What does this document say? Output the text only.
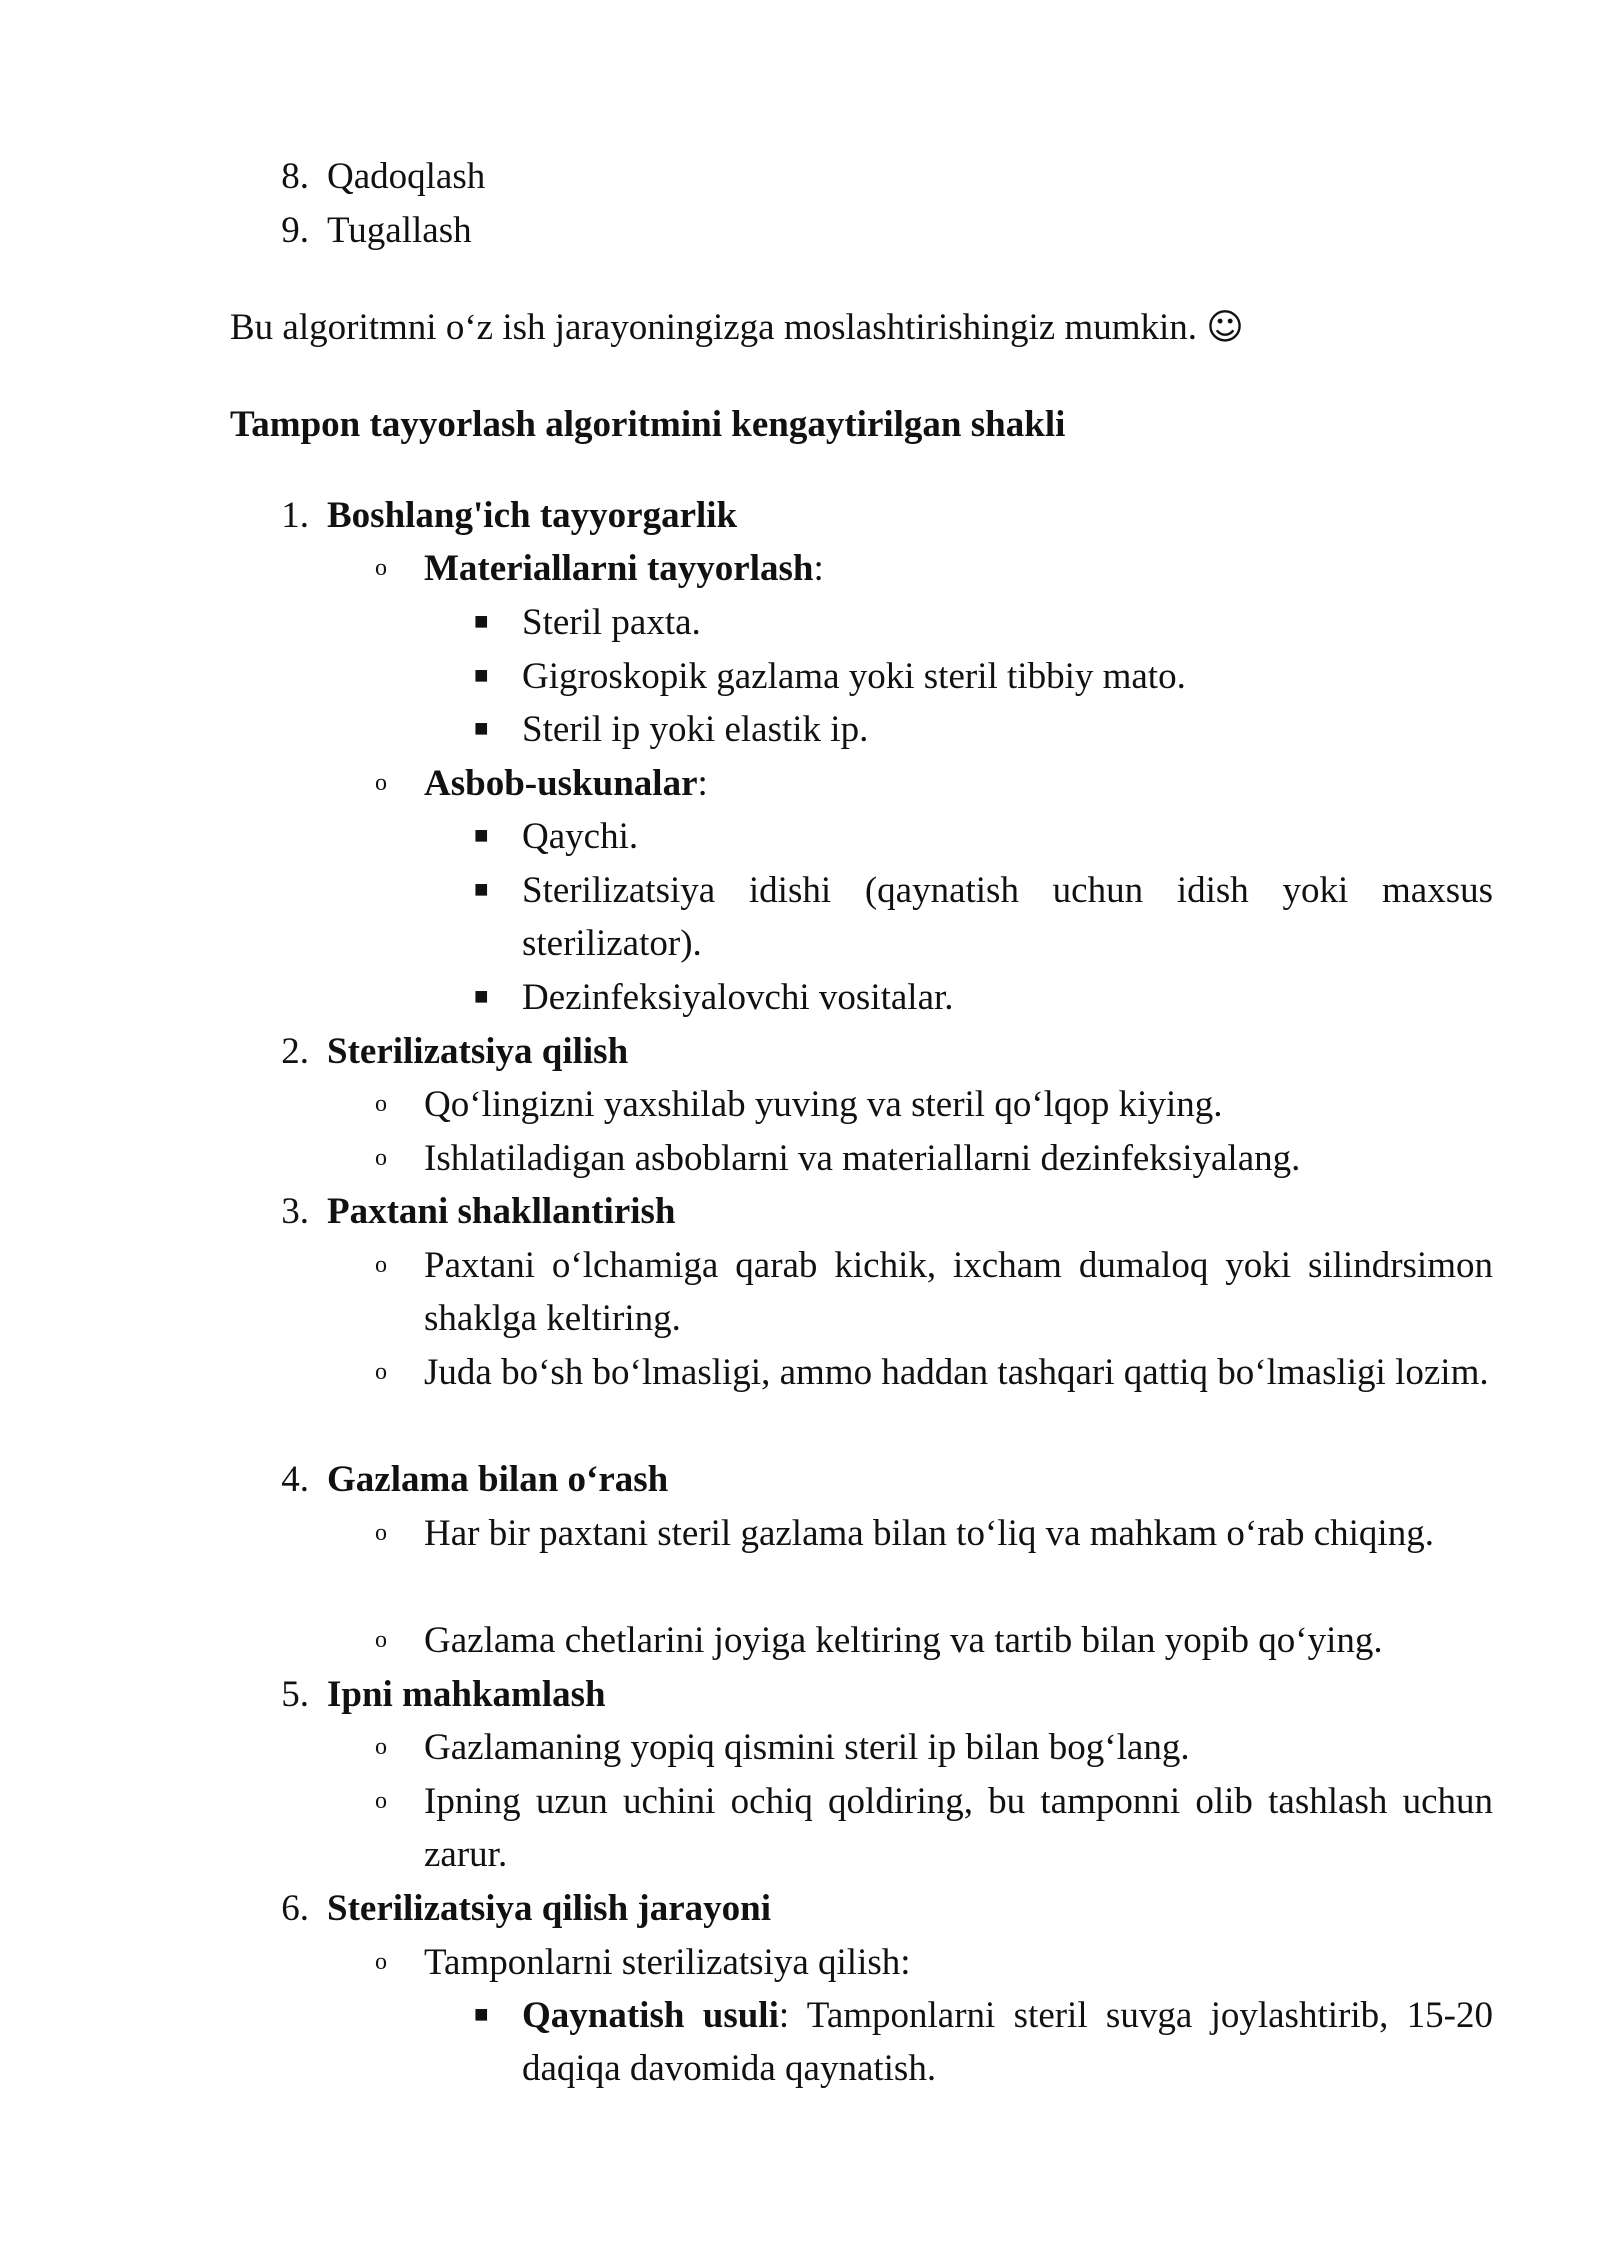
8. Qadoqlash
9. Tugallash
Bu algoritmni o‘z ish jarayoningizga moslashtirishingiz mumkin. ☺
Tampon tayyorlash algoritmini kengaytirilgan shakli
1. Boshlang'ich tayyorgarlik
o Materiallarni tayyorlash:
■ Steril paxta.
■ Gigroskopik gazlama yoki steril tibbiy mato.
■ Steril ip yoki elastik ip.
o Asbob-uskunalar:
■ Qaychi.
■ Sterilizatsiya idishi (qaynatish uchun idish yoki maxsus sterilizator).
■ Dezinfeksiyalovchi vositalar.
2. Sterilizatsiya qilish
o Qo‘lingizni yaxshilab yuving va steril qo‘lqop kiying.
o Ishlatiladigan asboblarni va materiallarni dezinfeksiyalang.
3. Paxtani shakllantirish
o Paxtani o‘lchamiga qarab kichik, ixcham dumaloq yoki silindrsimon shaklga keltiring.
o Juda bo‘sh bo‘lmasligi, ammo haddan tashqari qattiq bo‘lmasligi lozim.
4. Gazlama bilan o‘rash
o Har bir paxtani steril gazlama bilan to‘liq va mahkam o‘rab chiqing.
o Gazlama chetlarini joyiga keltiring va tartib bilan yopib qo‘ying.
5. Ipni mahkamlash
o Gazlamaning yopiq qismini steril ip bilan bog‘lang.
o Ipning uzun uchini ochiq qoldiring, bu tamponni olib tashlash uchun zarur.
6. Sterilizatsiya qilish jarayoni
o Tamponlarni sterilizatsiya qilish:
■ Qaynatish usuli: Tamponlarni steril suvga joylashtirib, 15-20 daqiqa davomida qaynatish.
